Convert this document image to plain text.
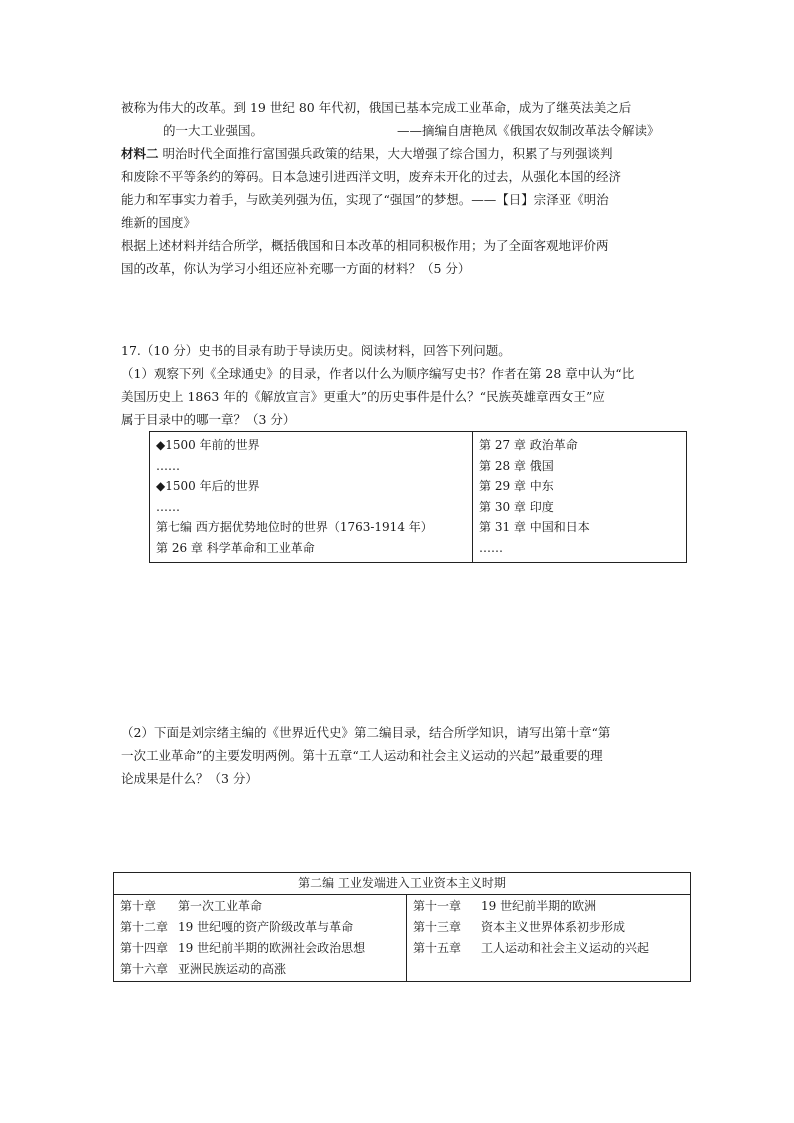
被称为伟大的改革。到 19 世纪 80 年代初，俄国已基本完成工业革命，成为了继英法美之后
的一大工业强国。	——摘编自唐艳凤《俄国农奴制改革法令解读》
材料二 明治时代全面推行富国强兵政策的结果，大大增强了综合国力，积累了与列强谈判
和废除不平等条约的筹码。日本急速引进西洋文明，废弃未开化的过去，从强化本国的经济
能力和军事实力着手，与欧美列强为伍，实现了“强国”的梦想。——【日】宗泽亚《明治
维新的国度》
根据上述材料并结合所学，概括俄国和日本改革的相同积极作用；为了全面客观地评价两
国的改革，你认为学习小组还应补充哪一方面的材料？（5 分）
17.（10 分）史书的目录有助于导读历史。阅读材料，回答下列问题。
（1）观察下列《全球通史》的目录，作者以什么为顺序编写史书？作者在第 28 章中认为“比
美国历史上 1863 年的《解放宣言》更重大”的历史事件是什么？“民族英雄章西女王”应
属于目录中的哪一章？（3 分）
◆1500 年前的世界
……
◆1500 年后的世界
……
第七编 西方据优势地位时的世界（1763-1914 年）
第 26 章 科学革命和工业革命

第 27 章 政治革命
第 28 章 俄国
第 29 章 中东
第 30 章 印度
第 31 章 中国和日本
……
（2）下面是刘宗绪主编的《世界近代史》第二编目录，结合所学知识，请写出第十章“第
一次工业革命”的主要发明两例。第十五章“工人运动和社会主义运动的兴起”最重要的理
论成果是什么？（3 分）
第二编 工业发端进入工业资本主义时期

第十章 第一次工业革命
第十二章 19 世纪嘎的资产阶级改革与革命
第十四章 19 世纪前半期的欧洲社会政治思想
第十六章 亚洲民族运动的高涨

第十一章 19 世纪前半期的欧洲
第十三章 资本主义世界体系初步形成
第十五章 工人运动和社会主义运动的兴起
